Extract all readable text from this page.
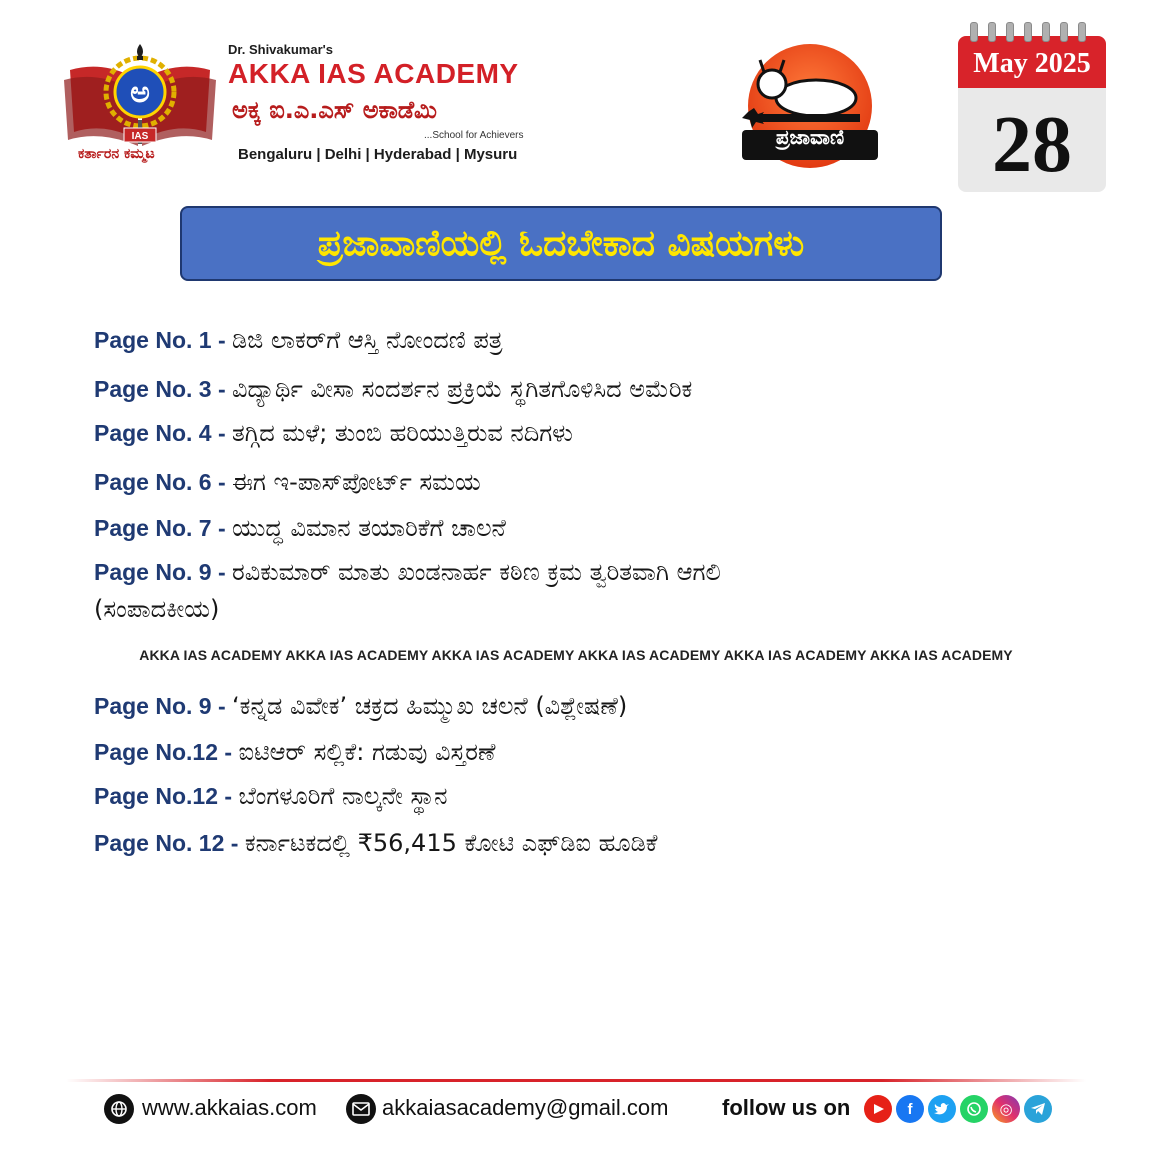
IAS
ಅ
ಕರ್ತಾರನ ಕಮ್ಮಟ
Dr. Shivakumar's
AKKA IAS ACADEMY
ಅಕ್ಕ ಐ.ಎ.ಎಸ್ ಅಕಾಡೆಮಿ
...School for Achievers
Bengaluru | Delhi | Hyderabad | Mysuru
ಪ್ರಜಾವಾಣಿ
May 2025
28
ಪ್ರಜಾವಾಣಿಯಲ್ಲಿ ಓದಬೇಕಾದ ವಿಷಯಗಳು
Page No. 1 - ಡಿಜಿ ಲಾಕರ್‌ಗೆ ಆಸ್ತಿ ನೋಂದಣಿ ಪತ್ರ
Page No. 3 - ವಿದ್ಯಾರ್ಥಿ ವೀಸಾ ಸಂದರ್ಶನ ಪ್ರಕ್ರಿಯೆ ಸ್ಥಗಿತಗೊಳಿಸಿದ ಅಮೆರಿಕ
Page No. 4 - ತಗ್ಗಿದ ಮಳೆ; ತುಂಬಿ ಹರಿಯುತ್ತಿರುವ ನದಿಗಳು
Page No. 6 - ಈಗ ಇ-ಪಾಸ್‌ಪೋರ್ಟ್ ಸಮಯ
Page No. 7 - ಯುದ್ಧ ವಿಮಾನ ತಯಾರಿಕೆಗೆ ಚಾಲನೆ
Page No. 9 - ರವಿಕುಮಾರ್ ಮಾತು ಖಂಡನಾರ್ಹ ಕಠಿಣ ಕ್ರಮ ತ್ವರಿತವಾಗಿ ಆಗಲಿ
(ಸಂಪಾದಕೀಯ)
AKKA IAS ACADEMY AKKA IAS ACADEMY AKKA IAS ACADEMY AKKA IAS ACADEMY AKKA IAS ACADEMY AKKA IAS ACADEMY
Page No. 9 - ‘ಕನ್ನಡ ವಿವೇಕ’ ಚಕ್ರದ ಹಿಮ್ಮುಖ ಚಲನೆ (ವಿಶ್ಲೇಷಣೆ)
Page No.12 - ಐಟಿಆರ್ ಸಲ್ಲಿಕೆ: ಗಡುವು ವಿಸ್ತರಣೆ
Page No.12 - ಬೆಂಗಳೂರಿಗೆ ನಾಲ್ಕನೇ ಸ್ಥಾನ
Page No. 12 - ಕರ್ನಾಟಕದಲ್ಲಿ ₹56,415 ಕೋಟಿ ಎಫ್‌ಡಿಐ ಹೂಡಿಕೆ
www.akkaias.com	akkaiasacademy@gmail.com follow us on	f	◎
